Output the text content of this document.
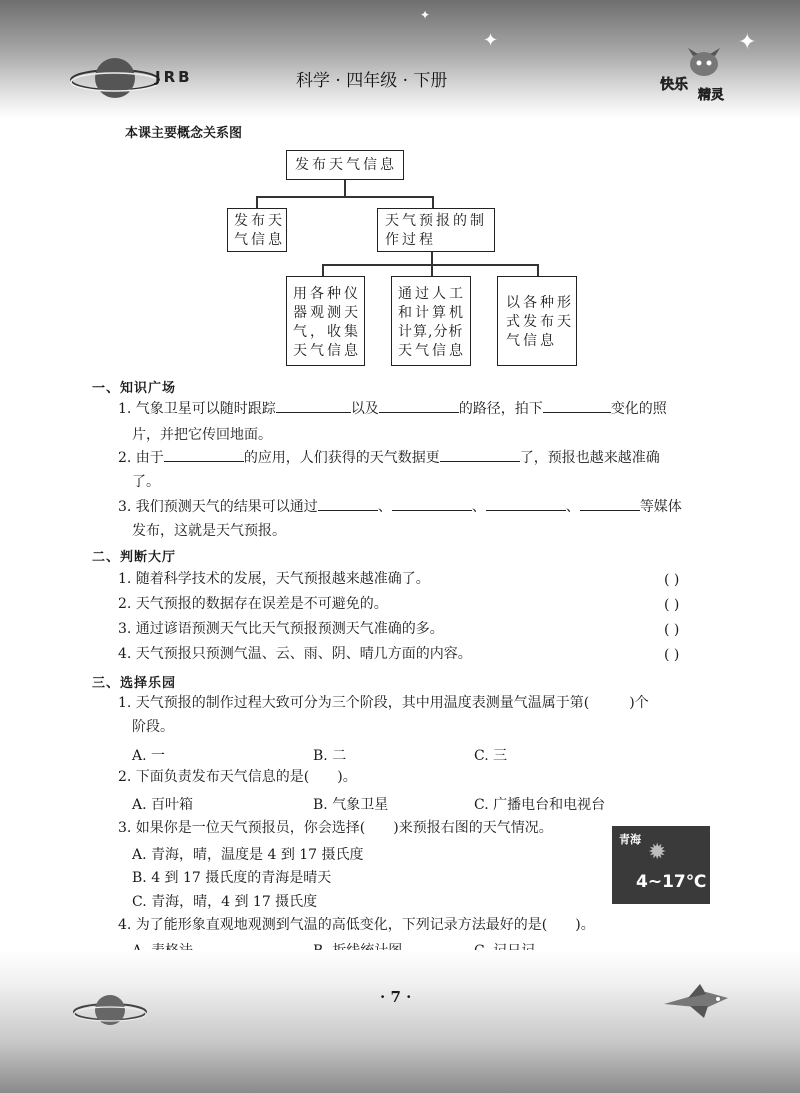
✦	✦
✦
JRB	科学 · 四年级 · 下册	快乐
精灵
本课主要概念关系图
发布天气信息
发布天
气信息
天气预报的制
作过程
用各种仪
器观测天
气，收集
天气信息
通过人工
和计算机
计算,分析
天气信息
以各种形
式发布天
气信息
一、知识广场
1. 气象卫星可以随时跟踪	以及	的路径，拍下	变化的照
片，并把它传回地面。
2. 由于	的应用，人们获得的天气数据更	了，预报也越来越准确
了。
3. 我们预测天气的结果可以通过	、	、	、	等媒体
发布，这就是天气预报。
二、判断大厅
1. 随着科学技术的发展，天气预报越来越准确了。	( )
2. 天气预报的数据存在误差是不可避免的。	( )
3. 通过谚语预测天气比天气预报预测天气准确的多。	( )
4. 天气预报只预测气温、云、雨、阴、晴几方面的内容。	( )
三、选择乐园
1. 天气预报的制作过程大致可分为三个阶段，其中用温度表测量气温属于第(	)个
阶段。
A. 一	B. 二	C. 三
2. 下面负责发布天气信息的是( )。
A. 百叶箱	B. 气象卫星	C. 广播电台和电视台
3. 如果你是一位天气预报员，你会选择( )来预报右图的天气情况。
A. 青海，晴，温度是 4 到 17 摄氏度
B. 4 到 17 摄氏度的青海是晴天
C. 青海，晴，4 到 17 摄氏度
青海
✹
4~17℃
4. 为了能形象直观地观测到气温的高低变化，下列记录方法最好的是( )。
· 7 ·
